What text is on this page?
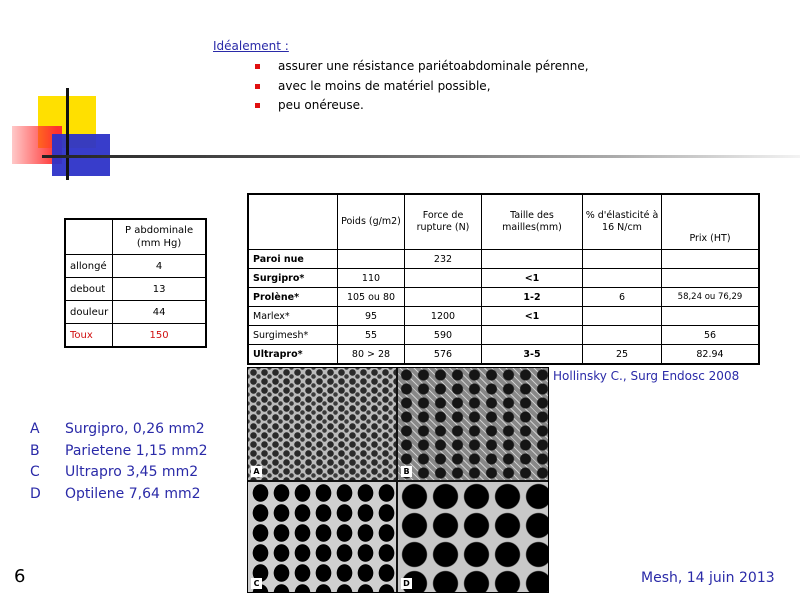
Idéalement :
assurer une résistance pariétoabdominale pérenne,
avec le moins de matériel possible,
peu onéreuse.
	P abdominale (mm Hg)
allongé	4
debout	13
douleur	44
Toux	150
	Poids (g/m2)	Force de rupture (N)	Taille des mailles(mm)	% d'élasticité à 16 N/cm	Prix (HT)
Paroi nue		232			
Surgipro*	110		<1		
Prolène*	105 ou 80		1-2	6	58,24 ou 76,29
Marlex*	95	1200	<1		
Surgimesh*	55	590			56
Ultrapro*	80 > 28	576	3-5	25	82.94
A	B
C	D
Hollinsky C., Surg Endosc 2008
A	Surgipro, 0,26 mm2
B	Parietene 1,15 mm2
C	Ultrapro 3,45 mm2
D	Optilene 7,64 mm2
6	Mesh, 14 juin 2013
